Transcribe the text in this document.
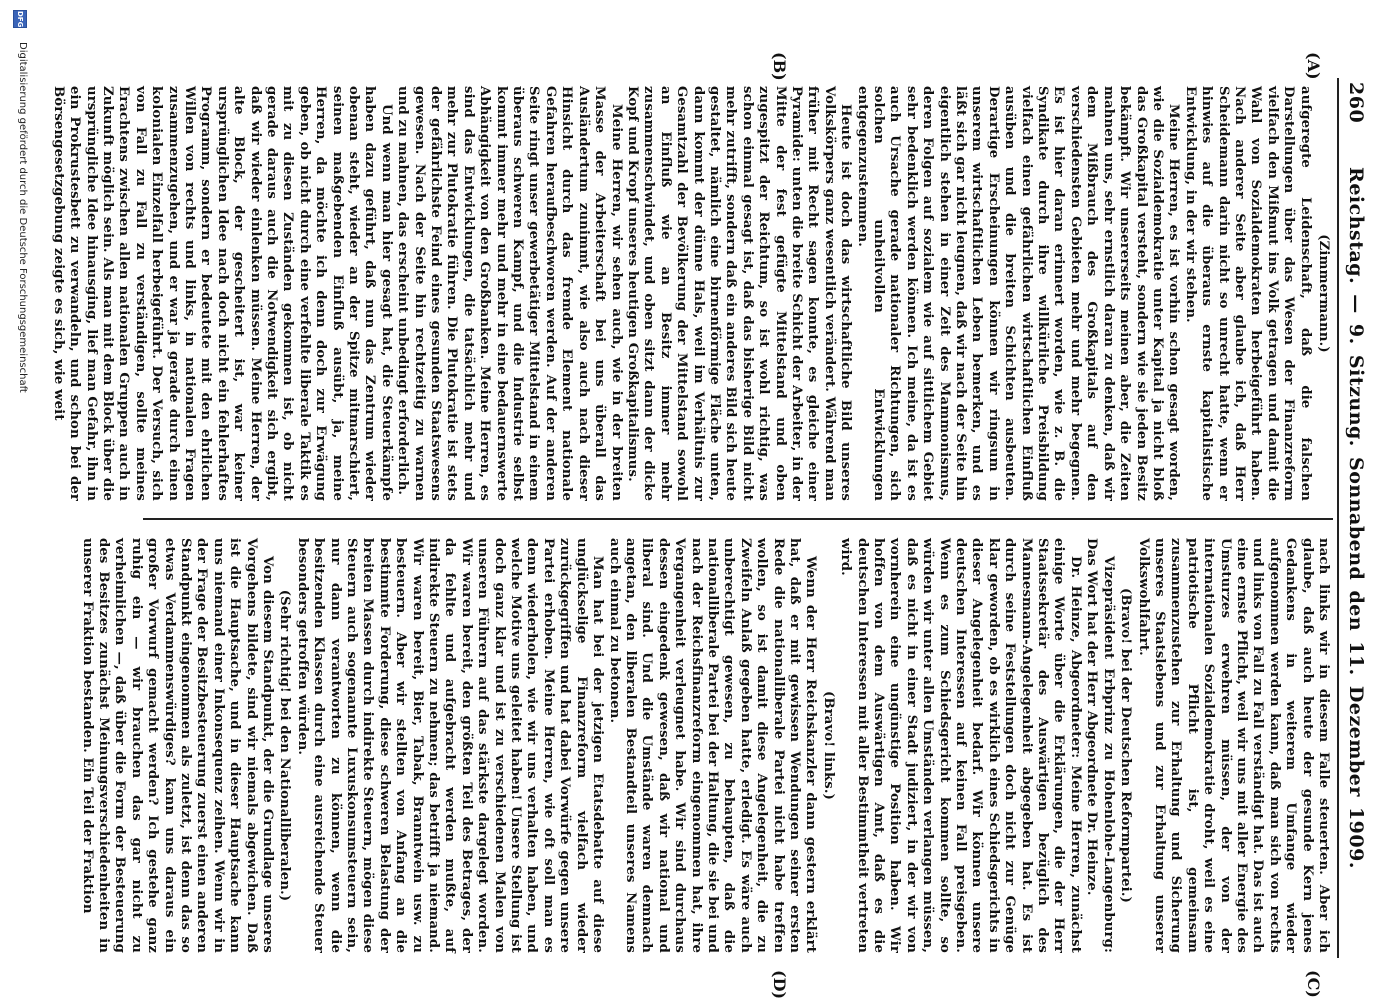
260
Reichstag. — 9. Sitzung. Sonnabend den 11. Dezember 1909.
(A)
(B)
(C)
(D)
(Zimmermann.)

aufgeregte Leidenschaft, daß die falschen Darstellungen über das Wesen der Finanzreform vielfach den Mißmut ins Volk getragen und damit die Wahl von Sozialdemokraten herbeigeführt haben. Nach anderer Seite aber glaube ich, daß Herr Scheidemann darin nicht so unrecht hatte, wenn er hinwies auf die überaus ernste kapitalistische Entwicklung, in der wir stehen.

Meine Herren, es ist vorhin schon gesagt worden, wie die Sozialdemokratie unter Kapital ja nicht bloß das Großkapital versteht, sondern wie sie jeden Besitz bekämpft. Wir unsererseits meinen aber, die Zeiten mahnen uns, sehr ernstlich daran zu denken, daß wir dem Mißbrauch des Großkapitals auf den verschiedensten Gebieten mehr und mehr begegnen. Es ist hier daran erinnert worden, wie z. B. die Syndikate durch ihre willkürliche Preisbildung vielfach einen gefährlichen wirtschaftlichen Einfluß ausüben und die breiten Schichten ausbeuten. Derartige Erscheinungen können wir ringsum in unserem wirtschaftlichen Leben bemerken, und es läßt sich gar nicht leugnen, daß wir nach der Seite hin eigentlich stehen in einer Zeit des Mammonismus, deren Folgen auf sozialem wie auf sittlichem Gebiet sehr bedenklich werden können. Ich meine, da ist es auch Ursache gerade nationaler Richtungen, sich solchen unheilvollen Entwicklungen entgegenzustemmen.

Heute ist doch das wirtschaftliche Bild unseres Volkskörpers ganz wesentlich verändert. Während man früher mit Recht sagen konnte, es gleiche einer Pyramide: unten die breite Schicht der Arbeiter, in der Mitte der fest gefügte Mittelstand und oben zugespitzt der Reichtum, so ist wohl richtig, was schon einmal gesagt ist, daß das bisherige Bild nicht mehr zutrifft, sondern daß ein anderes Bild sich heute gestaltet, nämlich eine birnenförmige Fläche unten, dann kommt der dünne Hals, weil im Verhältnis zur Gesamtzahl der Bevölkerung der Mittelstand sowohl an Einfluß wie an Besitz immer mehr zusammenschwindet, und oben sitzt dann der dicke Kopf und Kropf unseres heutigen Großkapitalismus.

Meine Herren, wir sehen auch, wie in der breiten Masse der Arbeiterschaft bei uns überall das Ausländertum zunimmt, wie also auch nach dieser Hinsicht durch das fremde Element nationale Gefahren heraufbeschworen werden. Auf der anderen Seite ringt unser gewerbetätiger Mittelstand in einem überaus schweren Kampf, und die Industrie selbst kommt immer mehr und mehr in eine bedauernswerte Abhängigkeit von den Großbanken. Meine Herren, es sind das Entwicklungen, die tatsächlich mehr und mehr zur Plutokratie führen. Die Plutokratie ist stets der gefährlichste Feind eines gesunden Staatswesens gewesen. Nach der Seite hin rechtzeitig zu warnen und zu mahnen, das erscheint unbedingt erforderlich.

Und wenn man hier gesagt hat, die Steuerkämpfe haben dazu geführt, daß nun das Zentrum wieder obenan steht, wieder an der Spitze mitmarschiert, seinen maßgebenden Einfluß ausübt, ja, meine Herren, da möchte ich denn doch zur Erwägung geben, ob nicht durch eine verfehlte liberale Taktik es mit zu diesen Zuständen gekommen ist, ob nicht gerade daraus auch die Notwendigkeit sich ergibt, daß wir wieder einlenken müssen. Meine Herren, der alte Block, der gescheitert ist, war keiner ursprünglichen Idee nach doch nicht ein fehlerhaftes Programm, sondern er bedeutete mit den ehrlichen Willen von rechts und links, in nationalen Fragen zusammenzugehen, und er war ja gerade durch einen kolonialen Einzelfall herbeigeführt. Der Versuch, sich von Fall zu Fall zu verständigen, sollte meines Erachtens zwischen allen nationalen Gruppen auch in Zukunft möglich sein. Als man mit dem Block über die ursprüngliche Idee hinausging, lief man Gefahr, ihn in ein Prokrustesbett zu verwandeln, und schon bei der Börsengesetzgebung zeigte es sich, wie weit

nach links wir in diesem Falle steuerten. Aber ich glaube, daß auch heute der gesunde Kern jenes Gedankens in weiterem Umfange wieder aufgenommen werden kann, daß man sich von rechts und links von Fall zu Fall verständigt hat. Das ist auch eine ernste Pflicht, weil wir uns mit aller Energie des Umsturzes erwehren müssen, der von der internationalen Sozialdemokratie droht, weil es eine patriotische Pflicht ist, gemeinsam zusammenzustehen zur Erhaltung und Sicherung unseres Staatslebens und zur Erhaltung unserer Volkswohlfahrt.

(Bravo! bei der Deutschen Reformpartei.)

Vizepräsident Erbprinz zu Hohenlohe-Langenburg: Das Wort hat der Herr Abgeordnete Dr. Heinze.

Dr. Heinze, Abgeordneter: Meine Herren, zunächst einige Worte über die Erklärungen, die der Herr Staatssekretär des Auswärtigen bezüglich des Mannesmann-Angelegenheit abgegeben hat. Es ist durch seine Feststellungen doch nicht zur Genüge klar geworden, ob es wirklich eines Schiedsgerichts in dieser Angelegenheit bedarf. Wir können unsere deutschen Interessen auf keinen Fall preisgeben. Wenn es zum Schiedsgericht kommen sollte, so würden wir unter allen Umständen verlangen müssen, daß es nicht in einer Stadt judiziert, in der wir von vornherein eine ungünstige Position haben. Wir hoffen von dem Auswärtigen Amt, daß es die deutschen Interessen mit aller Bestimmtheit vertreten wird.

(Bravo! links.)

Wenn der Herr Reichskanzler dann gestern erklärt hat, daß er mit gewissen Wendungen seiner ersten Rede die nationalliberale Partei nicht habe treffen wollen, so ist damit diese Angelegenheit, die zu Zweifeln Anlaß gegeben hatte, erledigt. Es wäre auch unberechtigt gewesen, zu behaupten, daß die nationalliberale Partei bei der Haltung, die sie bei und nach der Reichsfinanzreform eingenommen hat, ihre Vergangenheit verleugnet habe. Wir sind durchaus dessen eingedenk gewesen, daß wir national und liberal sind. Und die Umstände waren demnach angetan, den liberalen Bestandteil unseres Namens auch einmal zu betonen.

Man hat bei der jetzigen Etatsdebatte auf diese unglückselige Finanzreform vielfach wieder zurückgegriffen und hat dabei Vorwürfe gegen unsere Partei erhoben. Meine Herren, wie oft soll man es denn wiederholen, wie wir uns verhalten haben, und welche Motive uns geleitet haben! Unsere Stellung ist doch ganz klar und ist zu verschiedenen Malen von unseren Führern auf das stärkste dargelegt worden. Wir waren bereit, den größten Teil des Betrages, der da fehlte und aufgebracht werden mußte, auf indirekte Steuern zu nehmen; das betrifft ja niemand. Wir waren bereit, Bier, Tabak, Branntwein usw. zu besteuern. Aber wir stellten von Anfang an die bestimmte Forderung, diese schweren Belastung der breiten Massen durch indirekte Steuern, mögen diese Steuern auch sogenannte Luxuskonsumsteuern sein, nur dann verantworten zu können, wenn die besitzenden Klassen durch eine ausreichende Steuer besonders getroffen würden.

(Sehr richtig! bei den Nationalliberalen.)

Von diesem Standpunkt, der die Grundlage unseres Vorgehens bildete, sind wir niemals abgewichen. Daß ist die Hauptsache, und in dieser Hauptsache kann uns niemand einer Inkonsequenz zeihen. Wenn wir in der Frage der Besitzbesteuerung zuerst einen anderen Standpunkt eingenommen als zuletzt, ist denn das so etwas Verdammenswürdiges? kann uns daraus ein großer Vorwurf gemacht werden? Ich gestehe ganz ruhig ein — wir brauchen das gar nicht zu verheimlichen —, daß über die Form der Besteuerung des Besitzes zunächst Meinungsverschiedenheiten in unserer Fraktion bestanden. Ein Teil der Fraktion

DFG
Digitalisierung gefördert durch die Deutsche Forschungsgemeinschaft
